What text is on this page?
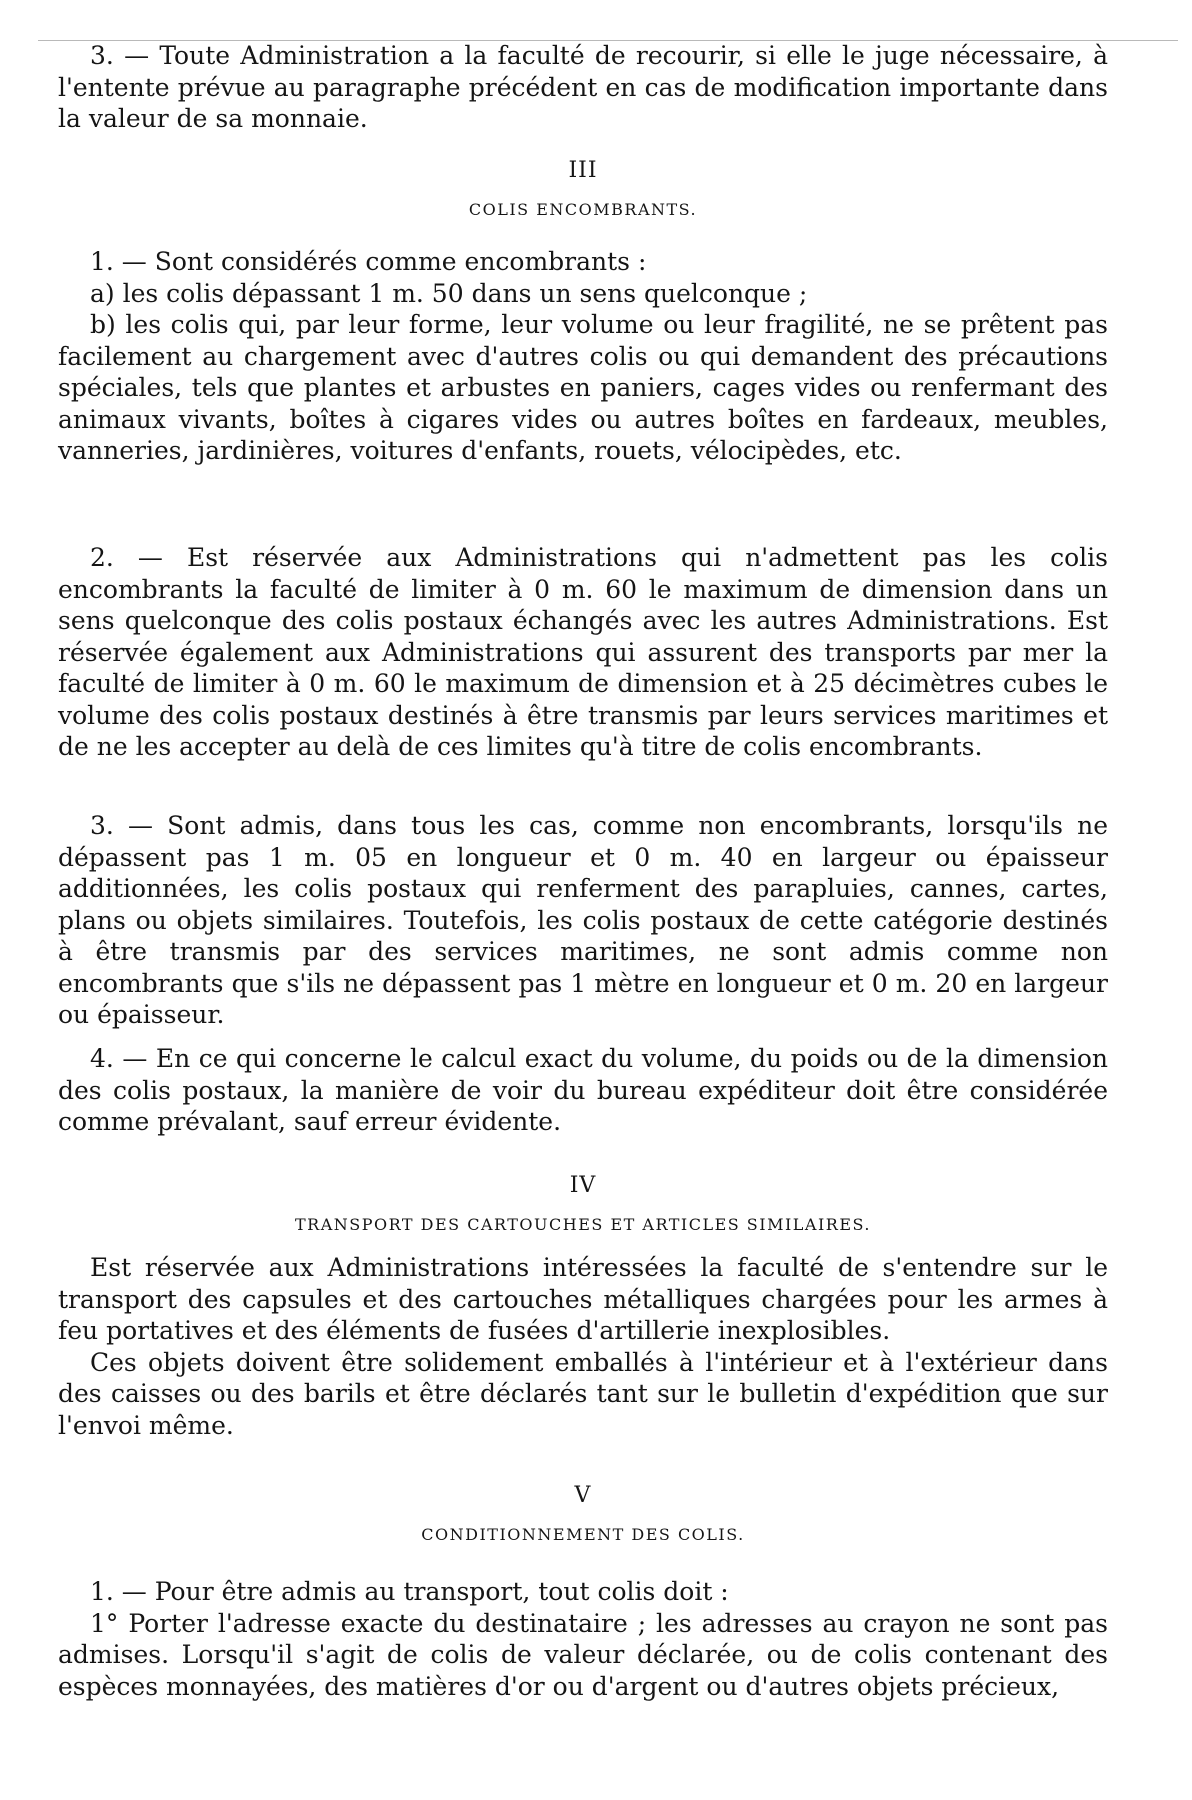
3. — Toute Administration a la faculté de recourir, si elle le juge nécessaire, à l'entente prévue au paragraphe précédent en cas de modification importante dans la valeur de sa monnaie.

III

COLIS ENCOMBRANTS.

1. — Sont considérés comme encombrants :

a) les colis dépassant 1 m. 50 dans un sens quelconque ;

b) les colis qui, par leur forme, leur volume ou leur fragilité, ne se prêtent pas facilement au chargement avec d'autres colis ou qui demandent des précautions spéciales, tels que plantes et arbustes en paniers, cages vides ou renfermant des animaux vivants, boîtes à cigares vides ou autres boîtes en fardeaux, meubles, vanneries, jardinières, voitures d'enfants, rouets, vélocipèdes, etc.

2. — Est réservée aux Administrations qui n'admettent pas les colis encombrants la faculté de limiter à 0 m. 60 le maximum de dimension dans un sens quelconque des colis postaux échangés avec les autres Administrations. Est réservée également aux Administrations qui assurent des transports par mer la faculté de limiter à 0 m. 60 le maximum de dimension et à 25 décimètres cubes le volume des colis postaux destinés à être transmis par leurs services maritimes et de ne les accepter au delà de ces limites qu'à titre de colis encombrants.

3. — Sont admis, dans tous les cas, comme non encombrants, lorsqu'ils ne dépassent pas 1 m. 05 en longueur et 0 m. 40 en largeur ou épaisseur additionnées, les colis postaux qui renferment des parapluies, cannes, cartes, plans ou objets similaires. Toutefois, les colis postaux de cette catégorie destinés à être transmis par des services maritimes, ne sont admis comme non encombrants que s'ils ne dépassent pas 1 mètre en longueur et 0 m. 20 en largeur ou épaisseur.

4. — En ce qui concerne le calcul exact du volume, du poids ou de la dimension des colis postaux, la manière de voir du bureau expéditeur doit être considérée comme prévalant, sauf erreur évidente.

IV

TRANSPORT DES CARTOUCHES ET ARTICLES SIMILAIRES.

Est réservée aux Administrations intéressées la faculté de s'entendre sur le transport des capsules et des cartouches métalliques chargées pour les armes à feu portatives et des éléments de fusées d'artillerie inexplosibles.

Ces objets doivent être solidement emballés à l'intérieur et à l'extérieur dans des caisses ou des barils et être déclarés tant sur le bulletin d'expédition que sur l'envoi même.

V

CONDITIONNEMENT DES COLIS.

1. — Pour être admis au transport, tout colis doit :

1° Porter l'adresse exacte du destinataire ; les adresses au crayon ne sont pas admises. Lorsqu'il s'agit de colis de valeur déclarée, ou de colis contenant des espèces monnayées, des matières d'or ou d'argent ou d'autres objets précieux,
